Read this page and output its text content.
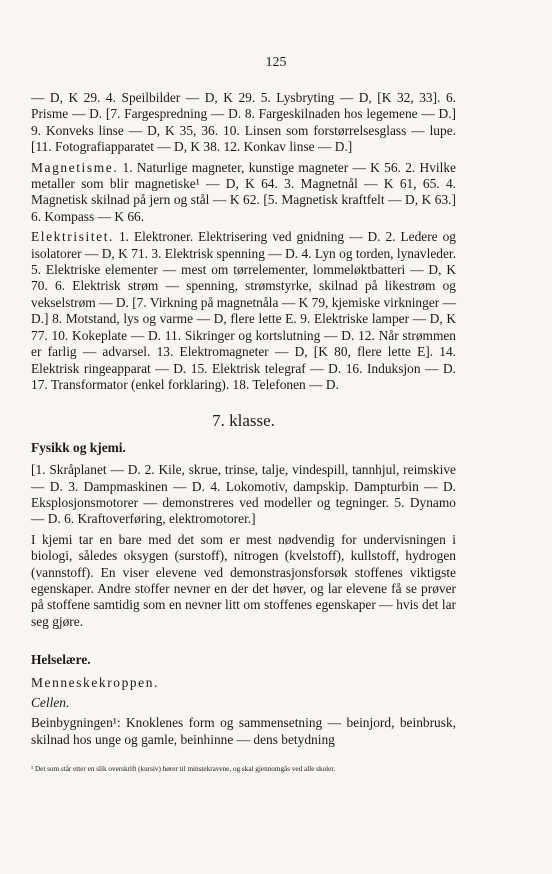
125

— D, K 29. 4. Speilbilder — D, K 29. 5. Lysbryting — D, [K 32, 33]. 6. Prisme — D. [7. Fargespredning — D. 8. Fargeskilnaden hos legemene — D.] 9. Konveks linse — D, K 35, 36. 10. Linsen som forstørrelsesglass — lupe. [11. Fotografiapparatet — D, K 38. 12. Konkav linse — D.]

Magnetisme. 1. Naturlige magneter, kunstige magneter — K 56. 2. Hvilke metaller som blir magnetiske¹ — D, K 64. 3. Magnetnål — K 61, 65. 4. Magnetisk skilnad på jern og stål — K 62. [5. Magnetisk kraftfelt — D, K 63.] 6. Kompass — K 66.

Elektrisitet. 1. Elektroner. Elektrisering ved gnidning — D. 2. Ledere og isolatorer — D, K 71. 3. Elektrisk spenning — D. 4. Lyn og torden, lynavleder. 5. Elektriske elementer — mest om tørrelementer, lommeløktbatteri — D, K 70. 6. Elektrisk strøm — spenning, strømstyrke, skilnad på likestrøm og vekselstrøm — D. [7. Virkning på magnetnåla — K 79, kjemiske virkninger — D.] 8. Motstand, lys og varme — D, flere lette E. 9. Elektriske lamper — D, K 77. 10. Kokeplate — D. 11. Sikringer og kortslutning — D. 12. Når strømmen er farlig — advarsel. 13. Elektromagneter — D, [K 80, flere lette E]. 14. Elektrisk ringeapparat — D. 15. Elektrisk telegraf — D. 16. Induksjon — D. 17. Transformator (enkel forklaring). 18. Telefonen — D.

7. klasse.
Fysikk og kjemi.

[1. Skråplanet — D. 2. Kile, skrue, trinse, talje, vindespill, tannhjul, reimskive — D. 3. Dampmaskinen — D. 4. Lokomotiv, dampskip. Dampturbin — D. Eksplosjonsmotorer — demonstreres ved modeller og tegninger. 5. Dynamo — D. 6. Kraftoverføring, elektromotorer.]

I kjemi tar en bare med det som er mest nødvendig for undervisningen i biologi, således oksygen (surstoff), nitrogen (kvelstoff), kullstoff, hydrogen (vannstoff). En viser elevene ved demonstrasjonsforsøk stoffenes viktigste egenskaper. Andre stoffer nevner en der det høver, og lar elevene få se prøver på stoffene samtidig som en nevner litt om stoffenes egenskaper — hvis det lar seg gjøre.

Helselære.
Menneskekroppen.
Cellen.

Beinbygningen¹: Knoklenes form og sammensetning — beinjord, beinbrusk, skilnad hos unge og gamle, beinhinne — dens betydning

¹ Det som står etter en slik overskrift (kursiv) hører til minstekravene, og skal gjennomgås ved alle skoler.
